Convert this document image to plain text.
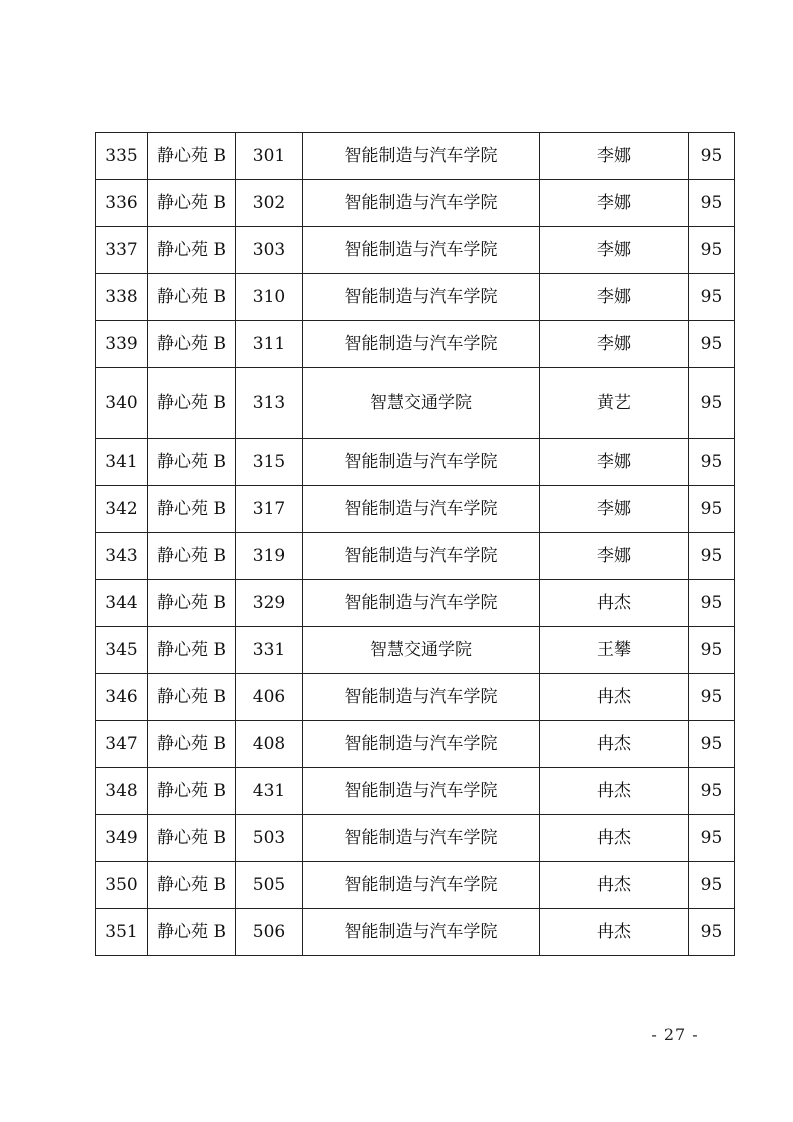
335	静心苑 B	301	智能制造与汽车学院	李娜	95
336	静心苑 B	302	智能制造与汽车学院	李娜	95
337	静心苑 B	303	智能制造与汽车学院	李娜	95
338	静心苑 B	310	智能制造与汽车学院	李娜	95
339	静心苑 B	311	智能制造与汽车学院	李娜	95
340	静心苑 B	313	智慧交通学院	黄艺	95
341	静心苑 B	315	智能制造与汽车学院	李娜	95
342	静心苑 B	317	智能制造与汽车学院	李娜	95
343	静心苑 B	319	智能制造与汽车学院	李娜	95
344	静心苑 B	329	智能制造与汽车学院	冉杰	95
345	静心苑 B	331	智慧交通学院	王攀	95
346	静心苑 B	406	智能制造与汽车学院	冉杰	95
347	静心苑 B	408	智能制造与汽车学院	冉杰	95
348	静心苑 B	431	智能制造与汽车学院	冉杰	95
349	静心苑 B	503	智能制造与汽车学院	冉杰	95
350	静心苑 B	505	智能制造与汽车学院	冉杰	95
351	静心苑 B	506	智能制造与汽车学院	冉杰	95
- 27 -
